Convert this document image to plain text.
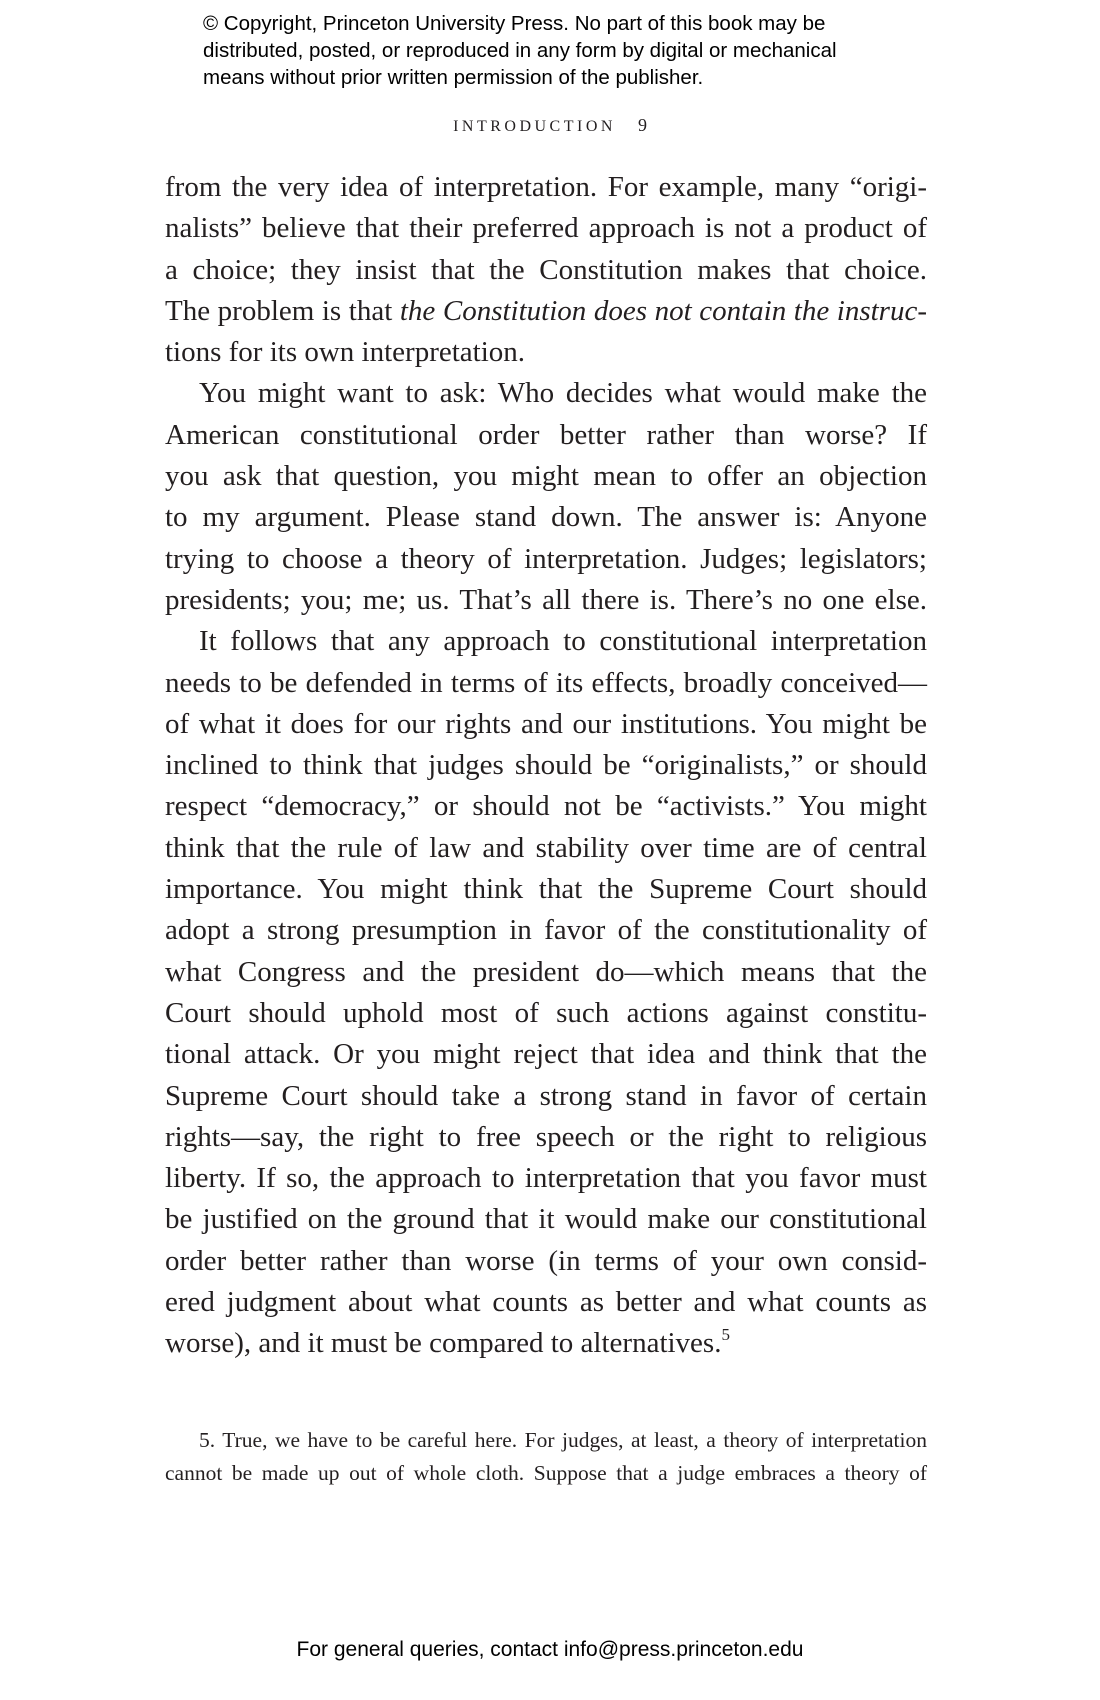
© Copyright, Princeton University Press. No part of this book may be
distributed, posted, or reproduced in any form by digital or mechanical
means without prior written permission of the publisher.
INTRODUCTION 9
from the very idea of interpretation. For example, many “origi-
nalists” believe that their preferred approach is not a product of
a choice; they insist that the Constitution makes that choice.
The problem is that the Constitution does not contain the instruc-
tions for its own interpretation.
You might want to ask: Who decides what would make the
American constitutional order better rather than worse? If
you ask that question, you might mean to offer an objection
to my argument. Please stand down. The answer is: Anyone
trying to choose a theory of interpretation. Judges; legislators;
presidents; you; me; us. That’s all there is. There’s no one else.
It follows that any approach to constitutional interpretation
needs to be defended in terms of its effects, broadly conceived—
of what it does for our rights and our institutions. You might be
inclined to think that judges should be “originalists,” or should
respect “democracy,” or should not be “activists.” You might
think that the rule of law and stability over time are of central
importance. You might think that the Supreme Court should
adopt a strong presumption in favor of the constitutionality of
what Congress and the president do—which means that the
Court should uphold most of such actions against constitu-
tional attack. Or you might reject that idea and think that the
Supreme Court should take a strong stand in favor of certain
rights—say, the right to free speech or the right to religious
liberty. If so, the approach to interpretation that you favor must
be justified on the ground that it would make our constitutional
order better rather than worse (in terms of your own consid-
ered judgment about what counts as better and what counts as
worse), and it must be compared to alternatives.$^5$
5. True, we have to be careful here. For judges, at least, a theory of interpretation
cannot be made up out of whole cloth. Suppose that a judge embraces a theory of
For general queries, contact info@press.princeton.edu
